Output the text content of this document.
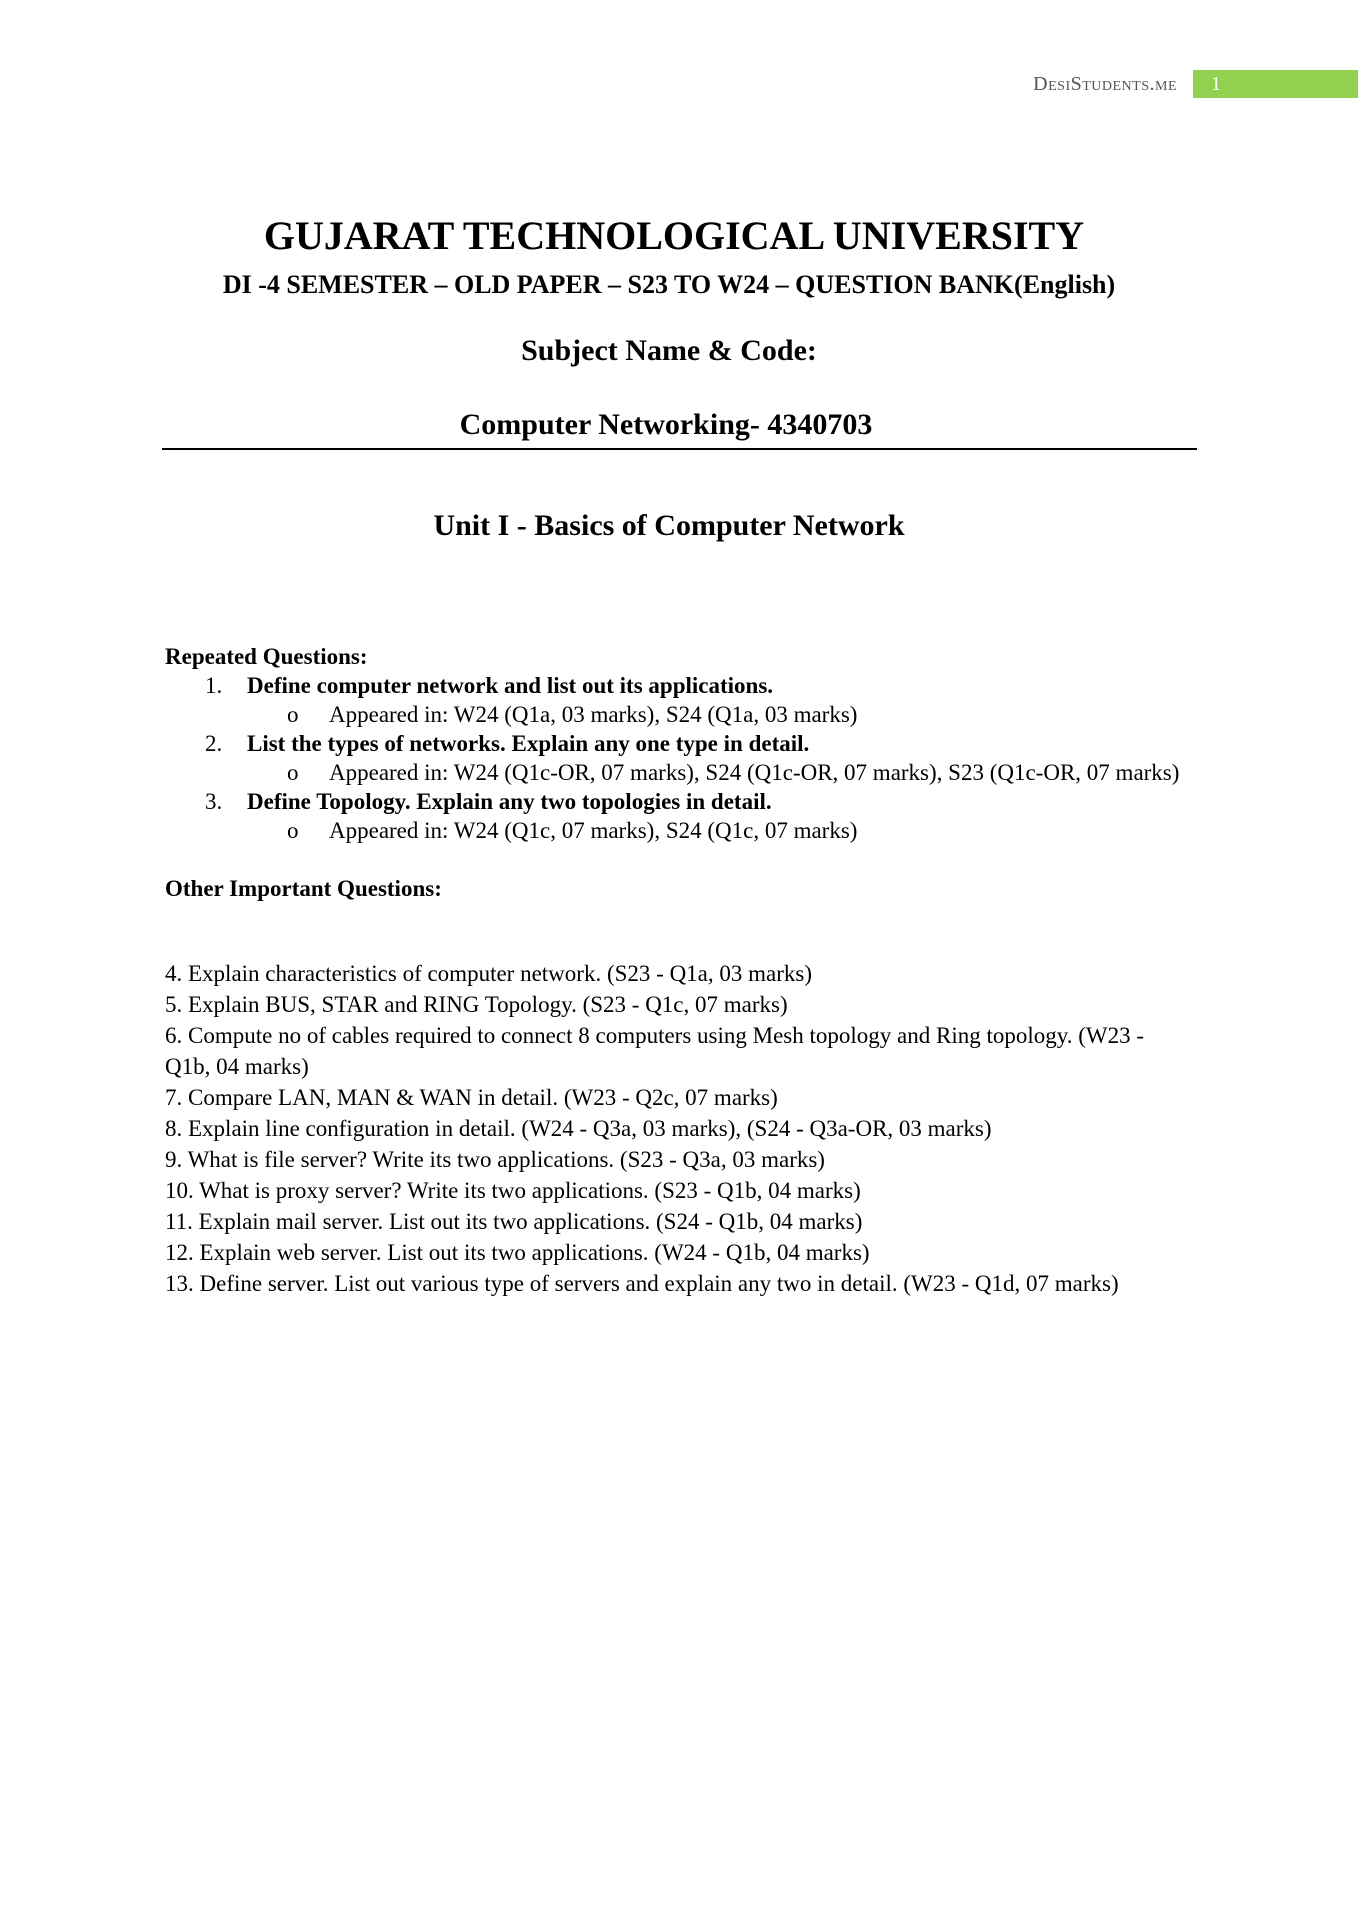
DesiStudents.me	1
GUJARAT TECHNOLOGICAL UNIVERSITY
DI -4 SEMESTER – OLD PAPER – S23 TO W24 – QUESTION BANK(English)
Subject Name & Code:
Computer Networking- 4340703
Unit I - Basics of Computer Network
Repeated Questions:
1.	Define computer network and list out its applications.
o Appeared in: W24 (Q1a, 03 marks), S24 (Q1a, 03 marks)
2.	List the types of networks. Explain any one type in detail.
o Appeared in: W24 (Q1c-OR, 07 marks), S24 (Q1c-OR, 07 marks), S23 (Q1c-OR, 07 marks)
3.	Define Topology. Explain any two topologies in detail.
o Appeared in: W24 (Q1c, 07 marks), S24 (Q1c, 07 marks)
Other Important Questions:
4. Explain characteristics of computer network. (S23 - Q1a, 03 marks)
5. Explain BUS, STAR and RING Topology. (S23 - Q1c, 07 marks)
6. Compute no of cables required to connect 8 computers using Mesh topology and Ring topology. (W23 - Q1b, 04 marks)
7. Compare LAN, MAN & WAN in detail. (W23 - Q2c, 07 marks)
8. Explain line configuration in detail. (W24 - Q3a, 03 marks), (S24 - Q3a-OR, 03 marks)
9. What is file server? Write its two applications. (S23 - Q3a, 03 marks)
10. What is proxy server? Write its two applications. (S23 - Q1b, 04 marks)
11. Explain mail server. List out its two applications. (S24 - Q1b, 04 marks)
12. Explain web server. List out its two applications. (W24 - Q1b, 04 marks)
13. Define server. List out various type of servers and explain any two in detail. (W23 - Q1d, 07 marks)
